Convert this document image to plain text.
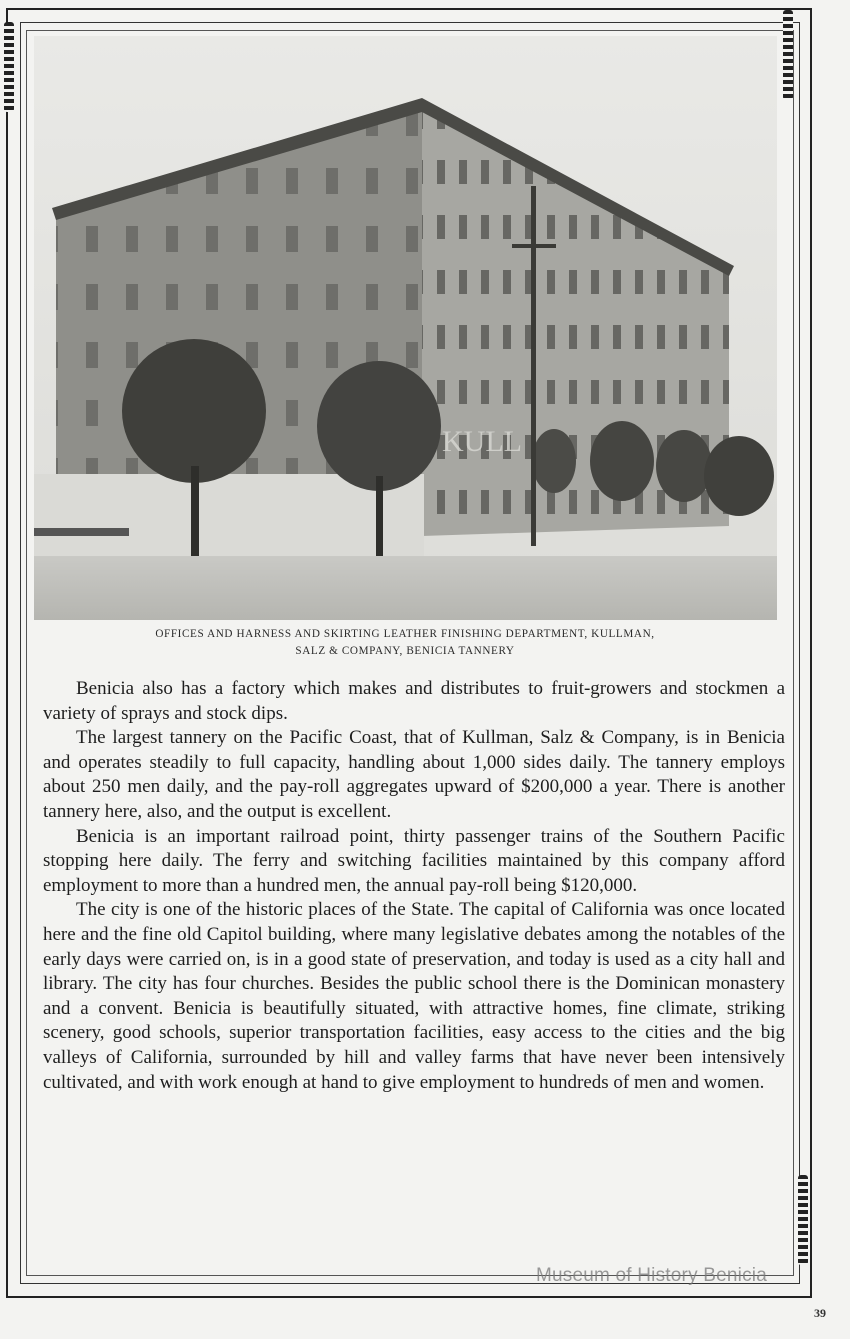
KULL
OFFICES AND HARNESS AND SKIRTING LEATHER FINISHING DEPARTMENT, KULLMAN,
SALZ & COMPANY, BENICIA TANNERY

Benicia also has a factory which makes and distributes to fruit-growers and stockmen a variety of sprays and stock dips.

The largest tannery on the Pacific Coast, that of Kullman, Salz & Company, is in Benicia and operates steadily to full capacity, handling about 1,000 sides daily. The tannery employs about 250 men daily, and the pay-roll aggregates upward of $200,000 a year. There is another tannery here, also, and the output is excellent.

Benicia is an important railroad point, thirty passenger trains of the Southern Pacific stopping here daily. The ferry and switching facilities maintained by this company afford employment to more than a hundred men, the annual pay-roll being $120,000.

The city is one of the historic places of the State. The capital of California was once located here and the fine old Capitol building, where many legislative debates among the notables of the early days were carried on, is in a good state of preservation, and today is used as a city hall and library. The city has four churches. Besides the public school there is the Dominican monastery and a convent. Benicia is beautifully situated, with attractive homes, fine climate, striking scenery, good schools, superior transportation facilities, easy access to the cities and the big valleys of California, surrounded by hill and valley farms that have never been intensively cultivated, and with work enough at hand to give employment to hundreds of men and women.

Museum of History Benicia
39
